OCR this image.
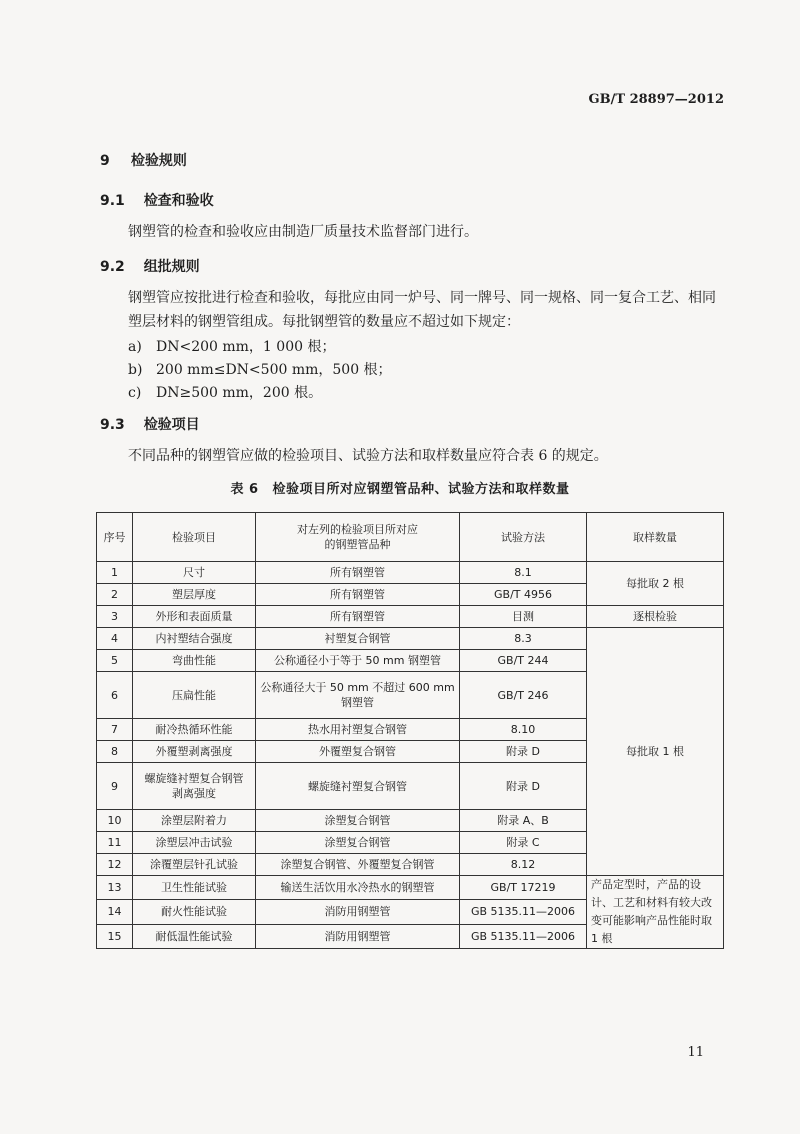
GB/T 28897—2012
9 检验规则
9.1 检查和验收
钢塑管的检查和验收应由制造厂质量技术监督部门进行。
9.2 组批规则
钢塑管应按批进行检查和验收，每批应由同一炉号、同一牌号、同一规格、同一复合工艺、相同塑层材料的钢塑管组成。每批钢塑管的数量应不超过如下规定：
a) DN<200 mm，1 000 根；
b) 200 mm≤DN<500 mm，500 根；
c) DN≥500 mm，200 根。
9.3 检验项目
不同品种的钢塑管应做的检验项目、试验方法和取样数量应符合表 6 的规定。
表 6 检验项目所对应钢塑管品种、试验方法和取样数量
序号	检验项目	对左列的检验项目所对应的钢塑管品种	试验方法	取样数量
1	尺寸	所有钢塑管	8.1	每批取 2 根
2	塑层厚度	所有钢塑管	GB/T 4956	
3	外形和表面质量	所有钢塑管	目测	逐根检验
4	内衬塑结合强度	衬塑复合钢管	8.3	每批取 1 根
5	弯曲性能	公称通径小于等于 50 mm 钢塑管	GB/T 244	
6	压扁性能	公称通径大于 50 mm 不超过 600 mm 钢塑管	GB/T 246	
7	耐冷热循环性能	热水用衬塑复合钢管	8.10	
8	外覆塑剥离强度	外覆塑复合钢管	附录 D	
9	螺旋缝衬塑复合钢管剥离强度	螺旋缝衬塑复合钢管	附录 D	
10	涂塑层附着力	涂塑复合钢管	附录 A、B	
11	涂塑层冲击试验	涂塑复合钢管	附录 C	
12	涂覆塑层针孔试验	涂塑复合钢管、外覆塑复合钢管	8.12	
13	卫生性能试验	输送生活饮用水冷热水的钢塑管	GB/T 17219	产品定型时，产品的设计、工艺和材料有较大改变可能影响产品性能时取 1 根
14	耐火性能试验	消防用钢塑管	GB 5135.11—2006	
15	耐低温性能试验	消防用钢塑管	GB 5135.11—2006	
11
